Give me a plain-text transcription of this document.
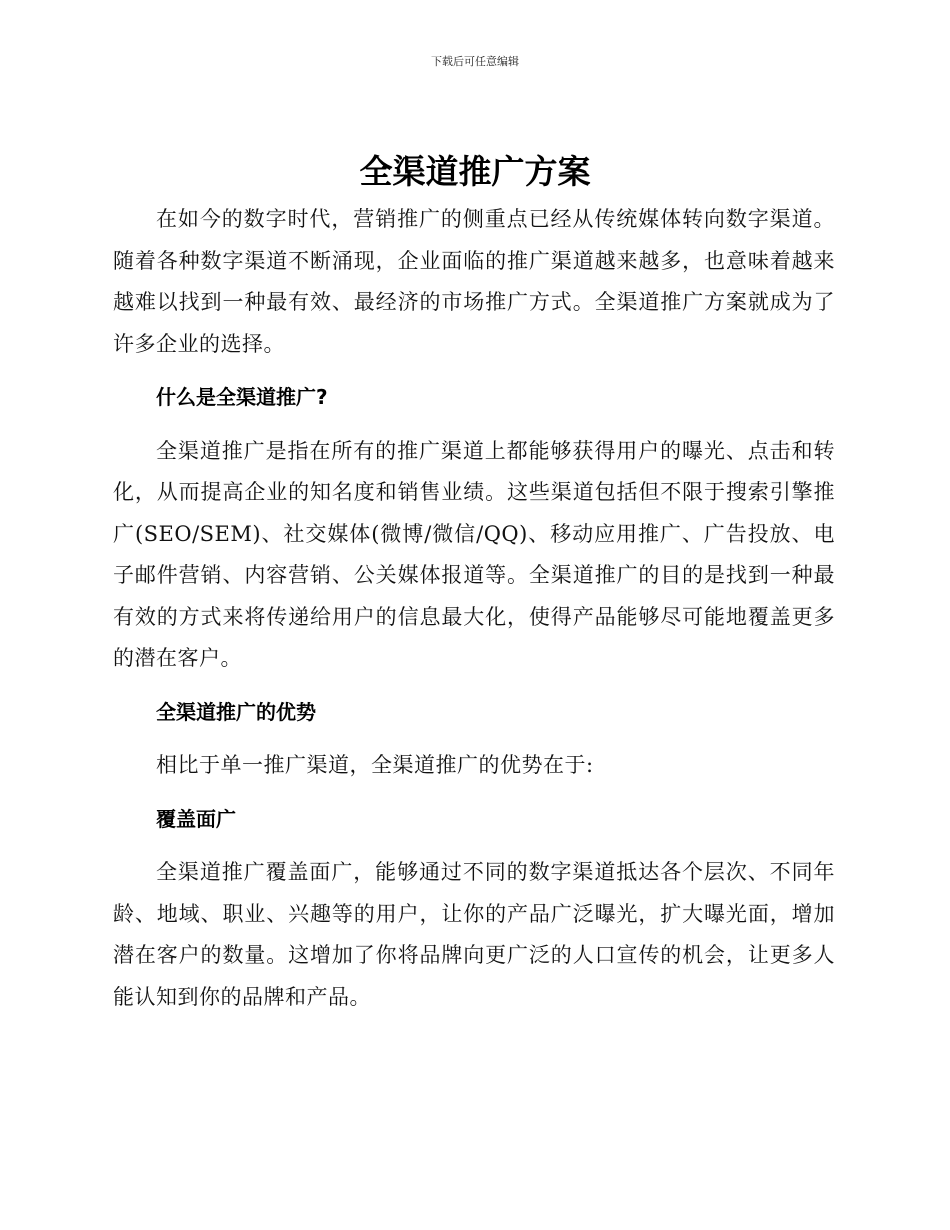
下载后可任意编辑
全渠道推广方案

在如今的数字时代，营销推广的侧重点已经从传统媒体转向数字渠道。随着各种数字渠道不断涌现，企业面临的推广渠道越来越多，也意味着越来越难以找到一种最有效、最经济的市场推广方式。全渠道推广方案就成为了许多企业的选择。

什么是全渠道推广?

全渠道推广是指在所有的推广渠道上都能够获得用户的曝光、点击和转化，从而提高企业的知名度和销售业绩。这些渠道包括但不限于搜索引擎推广(SEO/SEM)、社交媒体(微博/微信/QQ)、移动应用推广、广告投放、电子邮件营销、内容营销、公关媒体报道等。全渠道推广的目的是找到一种最有效的方式来将传递给用户的信息最大化，使得产品能够尽可能地覆盖更多的潜在客户。

全渠道推广的优势

相比于单一推广渠道，全渠道推广的优势在于:

覆盖面广

全渠道推广覆盖面广，能够通过不同的数字渠道抵达各个层次、不同年龄、地域、职业、兴趣等的用户，让你的产品广泛曝光，扩大曝光面，增加潜在客户的数量。这增加了你将品牌向更广泛的人口宣传的机会，让更多人能认知到你的品牌和产品。
